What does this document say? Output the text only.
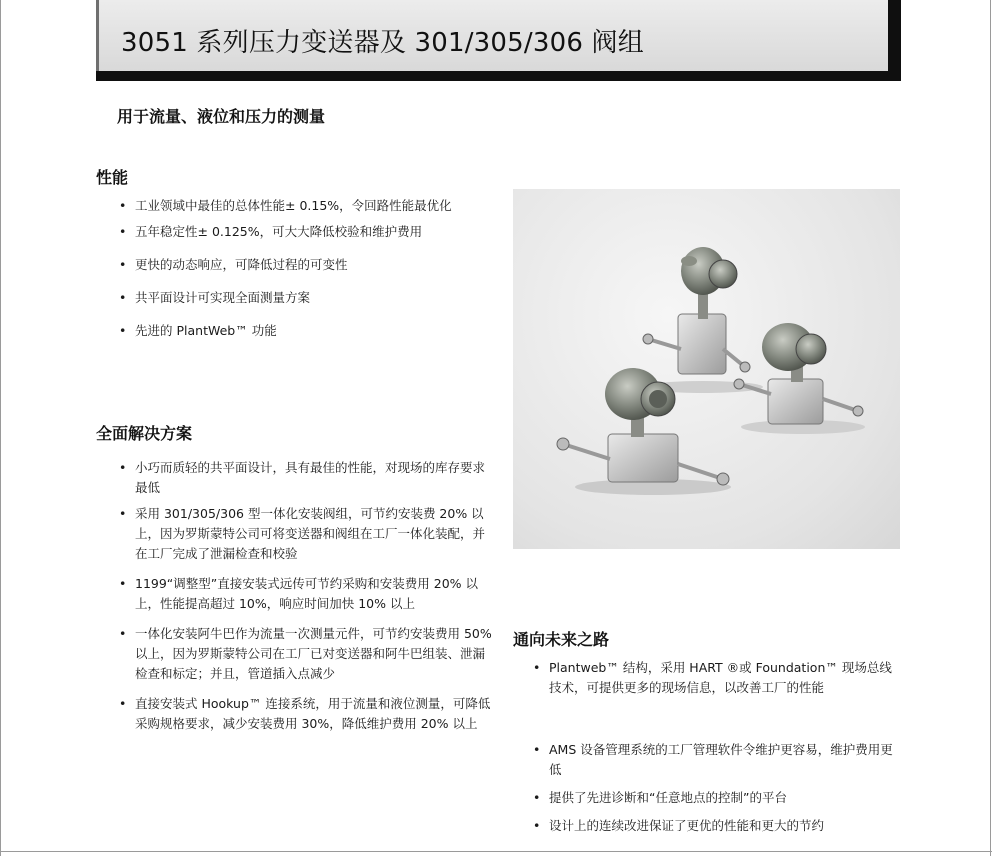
3051 系列压力变送器及 301/305/306 阀组
用于流量、液位和压力的测量
性能
• 工业领域中最佳的总体性能± 0.15%，令回路性能最优化
• 五年稳定性± 0.125%，可大大降低校验和维护费用
• 更快的动态响应，可降低过程的可变性
• 共平面设计可实现全面测量方案
• 先进的 PlantWeb™ 功能
全面解决方案
• 小巧而质轻的共平面设计，具有最佳的性能，对现场的库存要求最低
• 采用 301/305/306 型一体化安装阀组，可节约安装费 20% 以上，因为罗斯蒙特公司可将变送器和阀组在工厂一体化装配，并在工厂完成了泄漏检查和校验
• 1199“调整型”直接安装式远传可节约采购和安装费用 20% 以上，性能提高超过 10%，响应时间加快 10% 以上
• 一体化安装阿牛巴作为流量一次测量元件，可节约安装费用 50% 以上，因为罗斯蒙特公司在工厂已对变送器和阿牛巴组装、泄漏检查和标定；并且，管道插入点减少
• 直接安装式 Hookup™ 连接系统，用于流量和液位测量，可降低采购规格要求，减少安装费用 30%，降低维护费用 20% 以上
通向未来之路
• Plantweb™ 结构，采用 HART ®或 Foundation™ 现场总线技术，可提供更多的现场信息，以改善工厂的性能
• AMS 设备管理系统的工厂管理软件令维护更容易，维护费用更低
• 提供了先进诊断和“任意地点的控制”的平台
• 设计上的连续改进保证了更优的性能和更大的节约
